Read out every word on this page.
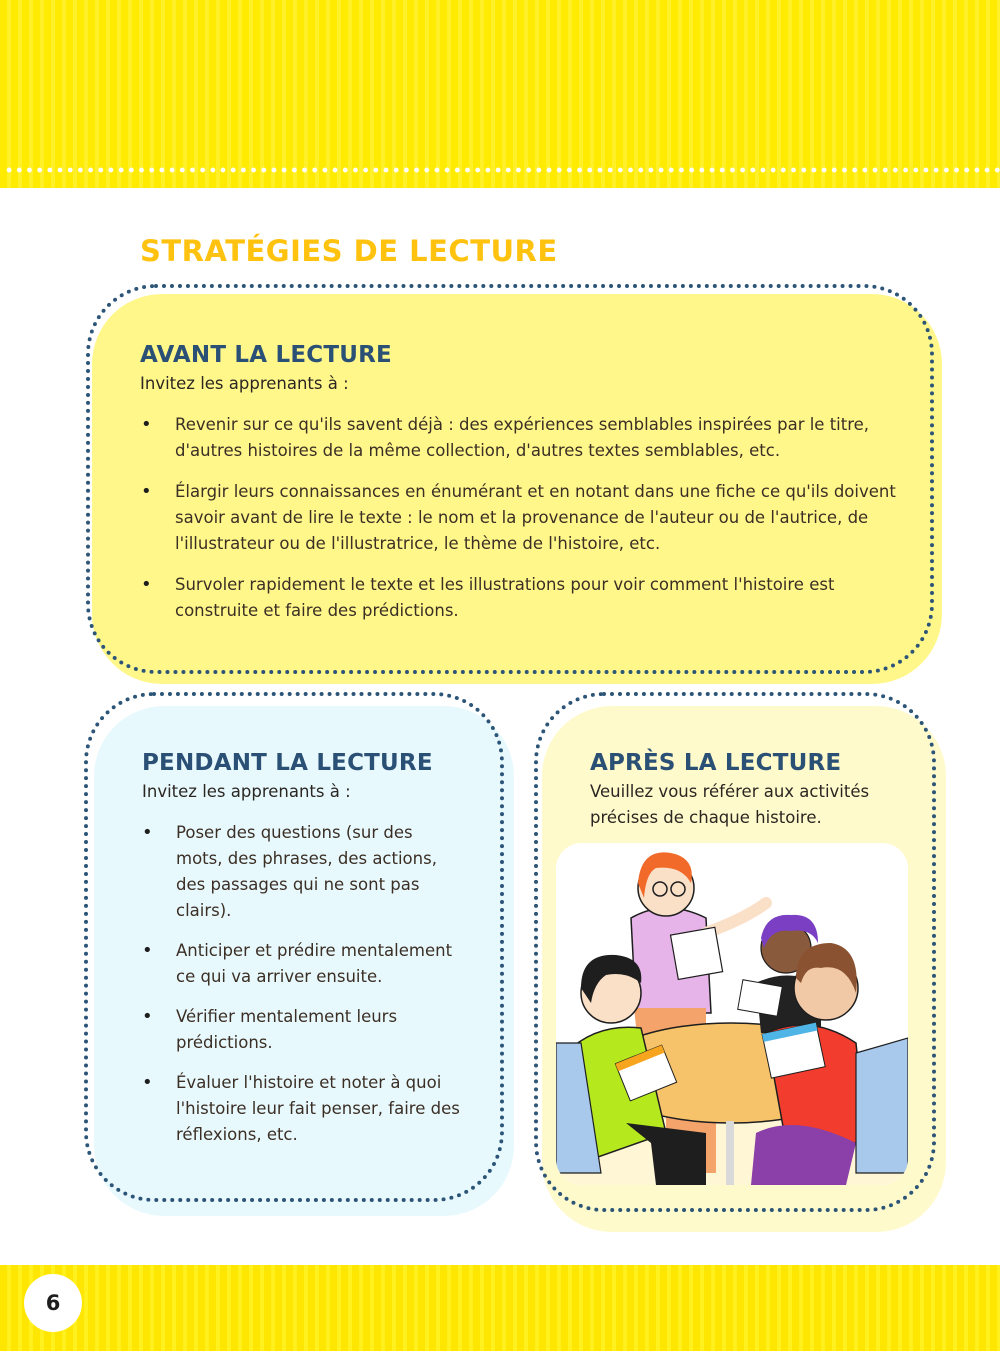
STRATÉGIES DE LECTURE
AVANT LA LECTURE

Invitez les apprenants à :

• Revenir sur ce qu'ils savent déjà : des expériences semblables inspirées par le titre, d'autres histoires de la même collection, d'autres textes semblables, etc.
• Élargir leurs connaissances en énumérant et en notant dans une fiche ce qu'ils doivent savoir avant de lire le texte : le nom et la provenance de l'auteur ou de l'autrice, de l'illustrateur ou de l'illustratrice, le thème de l'histoire, etc.
• Survoler rapidement le texte et les illustrations pour voir comment l'histoire est construite et faire des prédictions.
PENDANT LA LECTURE

Invitez les apprenants à :

• Poser des questions (sur des mots, des phrases, des actions, des passages qui ne sont pas clairs).
• Anticiper et prédire mentalement ce qui va arriver ensuite.
• Vérifier mentalement leurs prédictions.
• Évaluer l'histoire et noter à quoi l'histoire leur fait penser, faire des réflexions, etc.
APRÈS LA LECTURE

Veuillez vous référer aux activités précises de chaque histoire.

6
